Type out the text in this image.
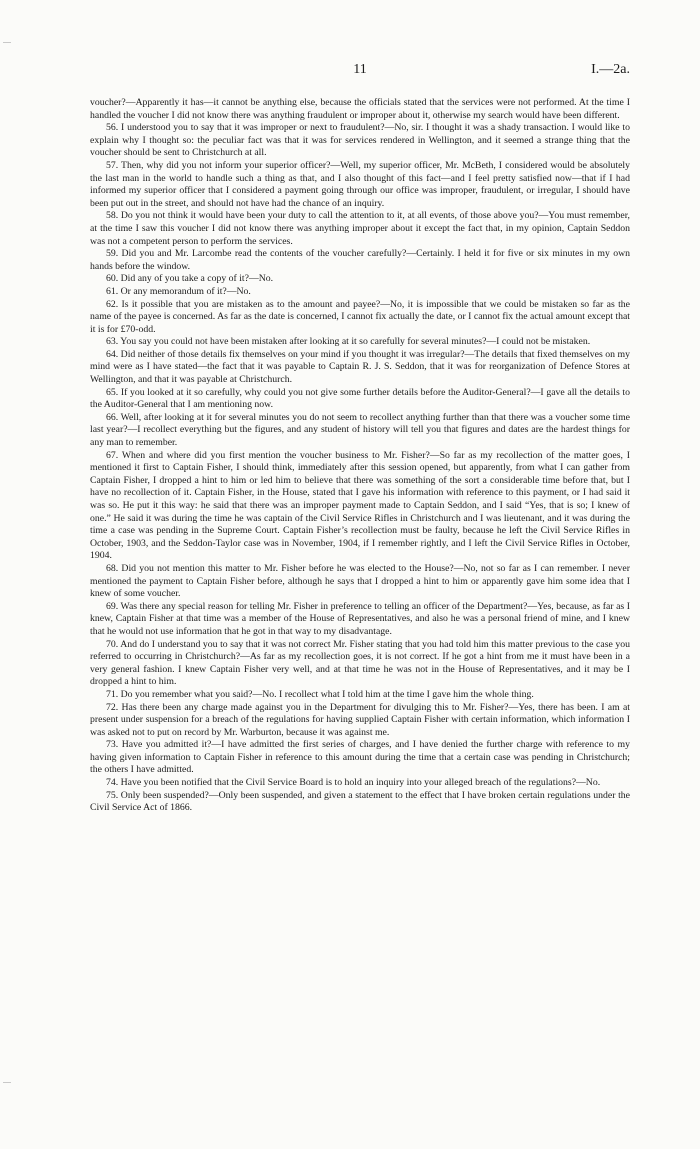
11	I.—2a.

voucher?—Apparently it has—it cannot be anything else, because the officials stated that the services were not performed. At the time I handled the voucher I did not know there was anything fraudulent or improper about it, otherwise my search would have been different.

56. I understood you to say that it was improper or next to fraudulent?—No, sir. I thought it was a shady transaction. I would like to explain why I thought so: the peculiar fact was that it was for services rendered in Wellington, and it seemed a strange thing that the voucher should be sent to Christchurch at all.

57. Then, why did you not inform your superior officer?—Well, my superior officer, Mr. McBeth, I considered would be absolutely the last man in the world to handle such a thing as that, and I also thought of this fact—and I feel pretty satisfied now—that if I had informed my superior officer that I considered a payment going through our office was improper, fraudulent, or irregular, I should have been put out in the street, and should not have had the chance of an inquiry.

58. Do you not think it would have been your duty to call the attention to it, at all events, of those above you?—You must remember, at the time I saw this voucher I did not know there was anything improper about it except the fact that, in my opinion, Captain Seddon was not a competent person to perform the services.

59. Did you and Mr. Larcombe read the contents of the voucher carefully?—Certainly. I held it for five or six minutes in my own hands before the window.

60. Did any of you take a copy of it?—No.

61. Or any memorandum of it?—No.

62. Is it possible that you are mistaken as to the amount and payee?—No, it is impossible that we could be mistaken so far as the name of the payee is concerned. As far as the date is concerned, I cannot fix actually the date, or I cannot fix the actual amount except that it is for £70-odd.

63. You say you could not have been mistaken after looking at it so carefully for several minutes?—I could not be mistaken.

64. Did neither of those details fix themselves on your mind if you thought it was irregular?—The details that fixed themselves on my mind were as I have stated—the fact that it was payable to Captain R. J. S. Seddon, that it was for reorganization of Defence Stores at Wellington, and that it was payable at Christchurch.

65. If you looked at it so carefully, why could you not give some further details before the Auditor-General?—I gave all the details to the Auditor-General that I am mentioning now.

66. Well, after looking at it for several minutes you do not seem to recollect anything further than that there was a voucher some time last year?—I recollect everything but the figures, and any student of history will tell you that figures and dates are the hardest things for any man to remember.

67. When and where did you first mention the voucher business to Mr. Fisher?—So far as my recollection of the matter goes, I mentioned it first to Captain Fisher, I should think, immediately after this session opened, but apparently, from what I can gather from Captain Fisher, I dropped a hint to him or led him to believe that there was something of the sort a considerable time before that, but I have no recollection of it. Captain Fisher, in the House, stated that I gave his information with reference to this payment, or I had said it was so. He put it this way: he said that there was an improper payment made to Captain Seddon, and I said “Yes, that is so; I knew of one.” He said it was during the time he was captain of the Civil Service Rifles in Christchurch and I was lieutenant, and it was during the time a case was pending in the Supreme Court. Captain Fisher’s recollection must be faulty, because he left the Civil Service Rifles in October, 1903, and the Seddon-Taylor case was in November, 1904, if I remember rightly, and I left the Civil Service Rifles in October, 1904.

68. Did you not mention this matter to Mr. Fisher before he was elected to the House?—No, not so far as I can remember. I never mentioned the payment to Captain Fisher before, although he says that I dropped a hint to him or apparently gave him some idea that I knew of some voucher.

69. Was there any special reason for telling Mr. Fisher in preference to telling an officer of the Department?—Yes, because, as far as I knew, Captain Fisher at that time was a member of the House of Representatives, and also he was a personal friend of mine, and I knew that he would not use information that he got in that way to my disadvantage.

70. And do I understand you to say that it was not correct Mr. Fisher stating that you had told him this matter previous to the case you referred to occurring in Christchurch?—As far as my recollection goes, it is not correct. If he got a hint from me it must have been in a very general fashion. I knew Captain Fisher very well, and at that time he was not in the House of Representatives, and it may be I dropped a hint to him.

71. Do you remember what you said?—No. I recollect what I told him at the time I gave him the whole thing.

72. Has there been any charge made against you in the Department for divulging this to Mr. Fisher?—Yes, there has been. I am at present under suspension for a breach of the regulations for having supplied Captain Fisher with certain information, which information I was asked not to put on record by Mr. Warburton, because it was against me.

73. Have you admitted it?—I have admitted the first series of charges, and I have denied the further charge with reference to my having given information to Captain Fisher in reference to this amount during the time that a certain case was pending in Christchurch; the others I have admitted.

74. Have you been notified that the Civil Service Board is to hold an inquiry into your alleged breach of the regulations?—No.

75. Only been suspended?—Only been suspended, and given a statement to the effect that I have broken certain regulations under the Civil Service Act of 1866.
